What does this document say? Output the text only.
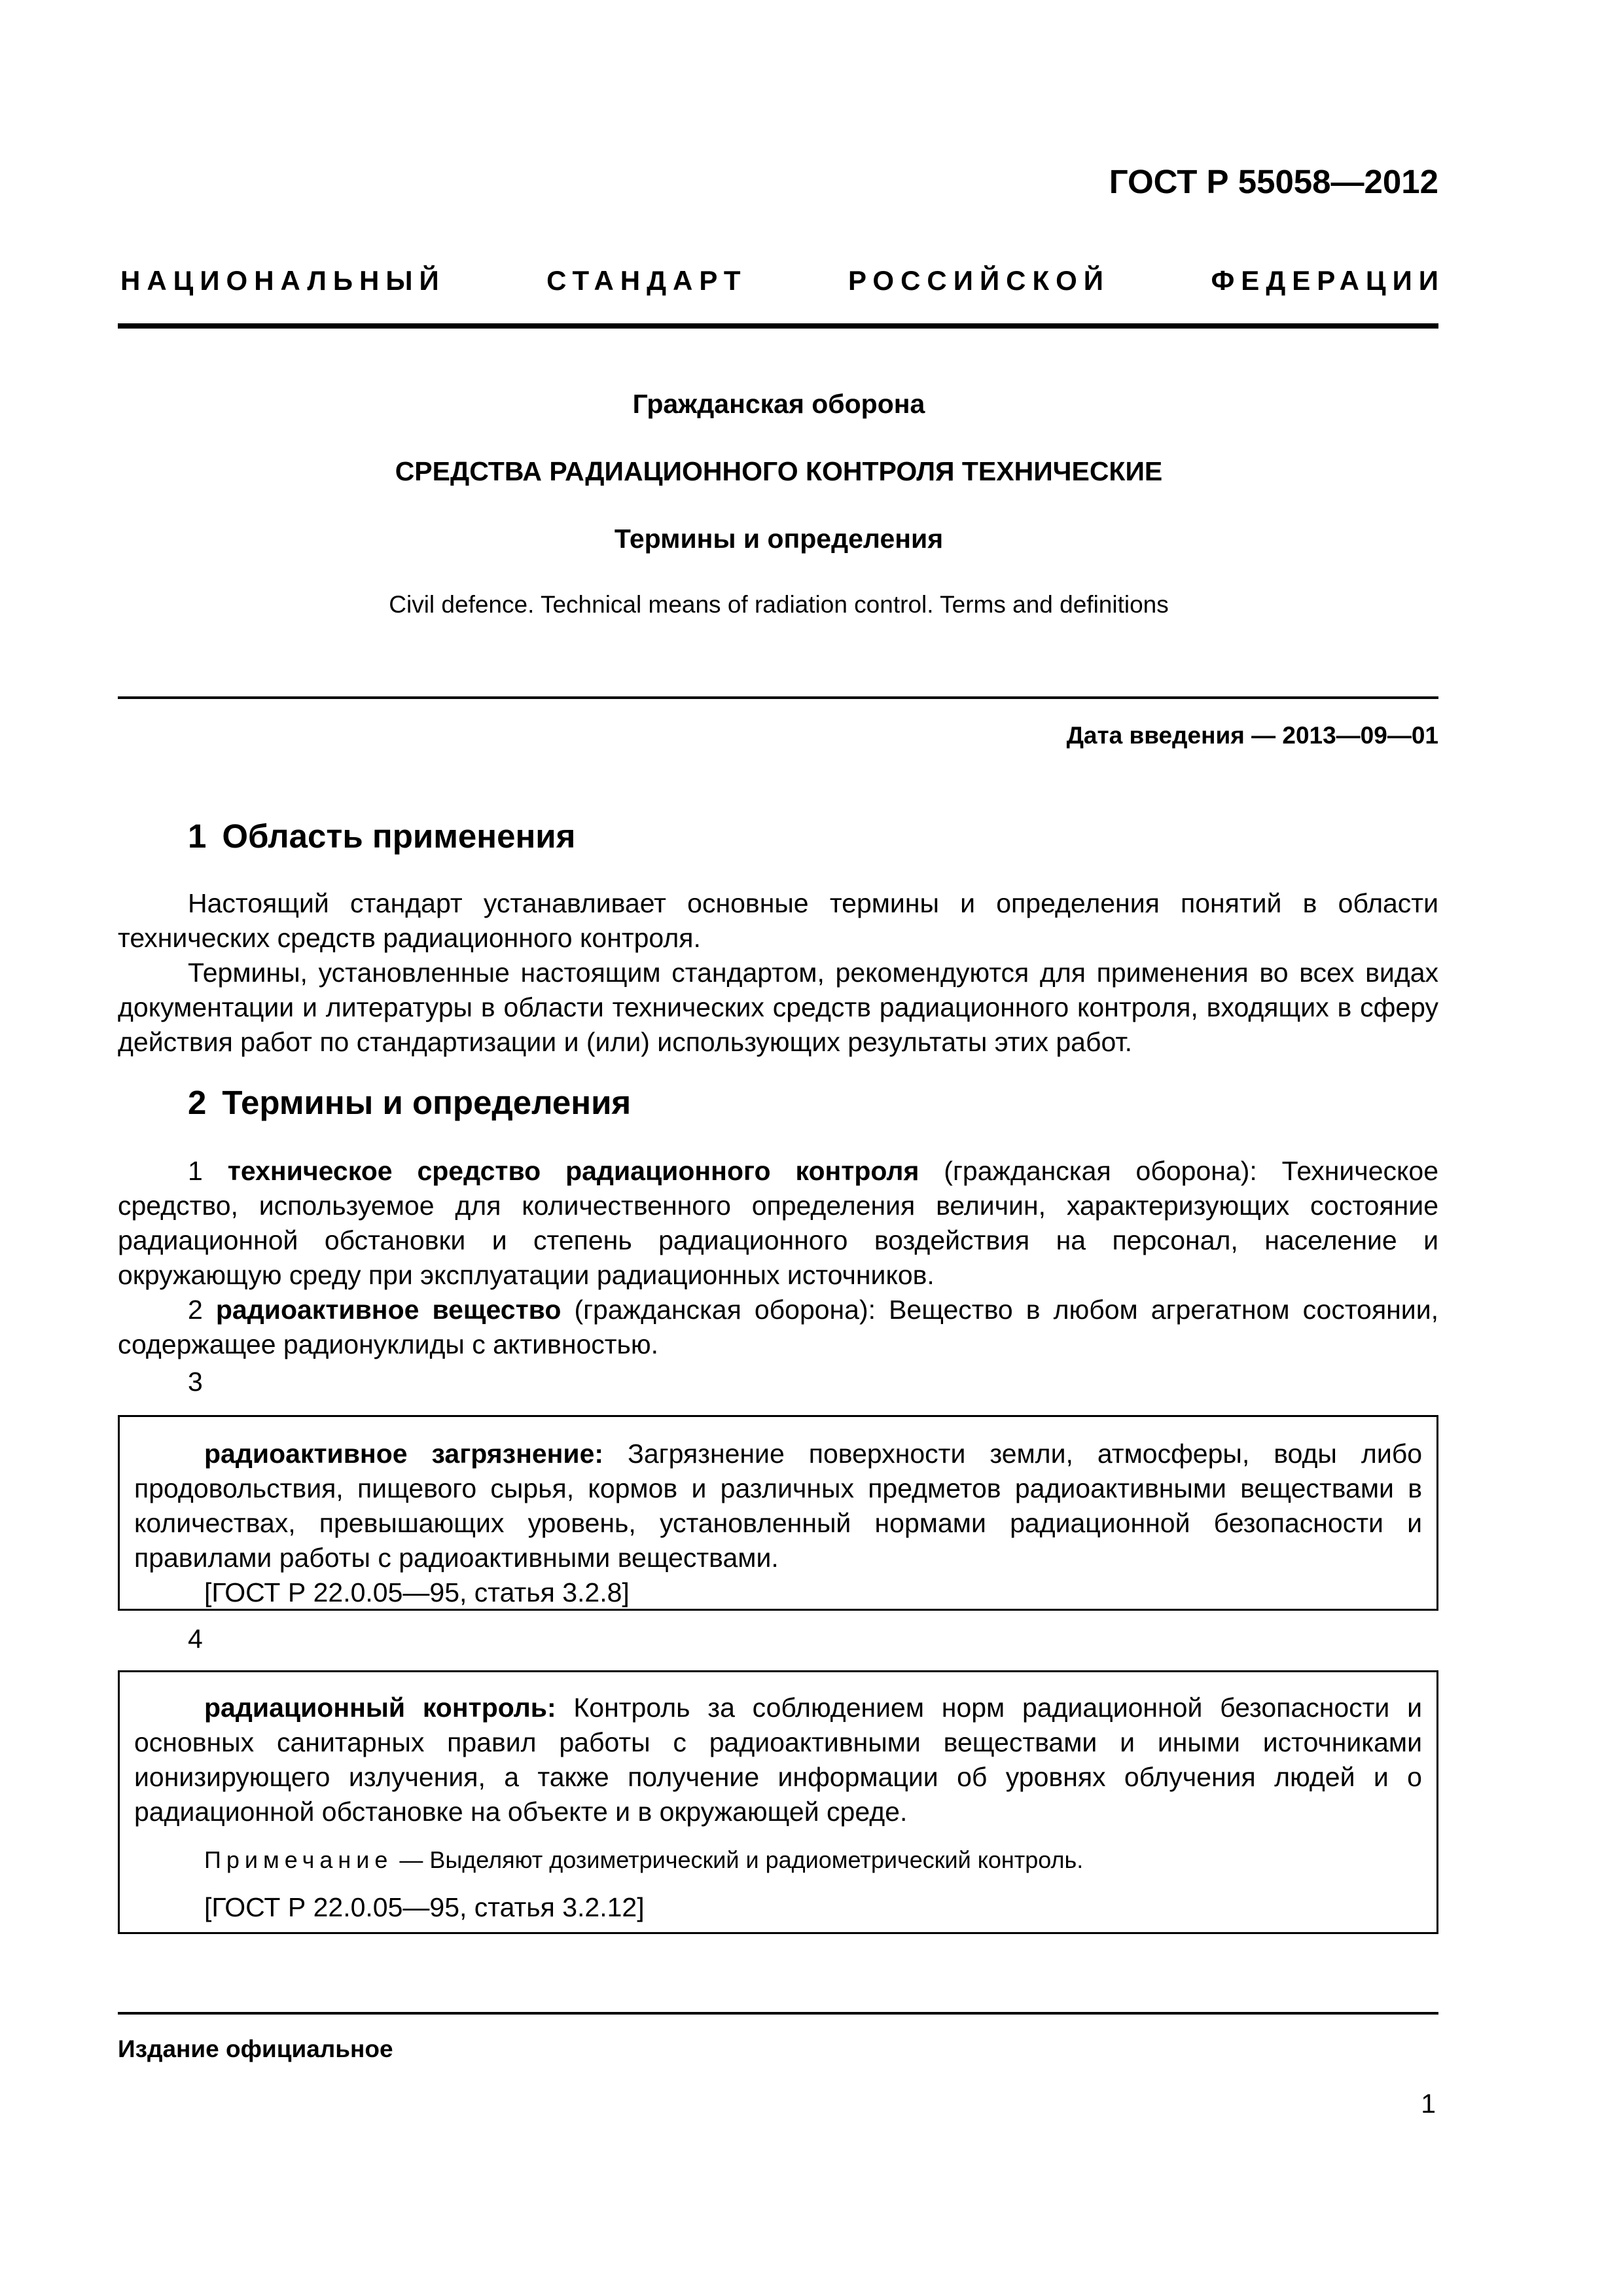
ГОСТ Р 55058—2012
НАЦИОНАЛЬНЫЙ	СТАНДАРТ	РОССИЙСКОЙ	ФЕДЕРАЦИИ
Гражданская оборона
СРЕДСТВА РАДИАЦИОННОГО КОНТРОЛЯ ТЕХНИЧЕСКИЕ
Термины и определения
Civil defence. Technical means of radiation control. Terms and definitions
Дата введения — 2013—09—01
1 Область применения

Настоящий стандарт устанавливает основные термины и определения понятий в области технических средств радиационного контроля.

Термины, установленные настоящим стандартом, рекомендуются для применения во всех видах документации и литературы в области технических средств радиационного контроля, входящих в сферу действия работ по стандартизации и (или) использующих результаты этих работ.

2 Термины и определения

1 техническое средство радиационного контроля (гражданская оборона): Техническое средство, используемое для количественного определения величин, характеризующих состояние радиационной обстановки и степень радиационного воздействия на персонал, население и окружающую среду при эксплуатации радиационных источников.

2 радиоактивное вещество (гражданская оборона): Вещество в любом агрегатном состоянии, содержащее радионуклиды с активностью.

3

радиоактивное загрязнение: Загрязнение поверхности земли, атмосферы, воды либо продовольствия, пищевого сырья, кормов и различных предметов радиоактивными веществами в количествах, превышающих уровень, установленный нормами радиационной безопасности и правилами работы с радиоактивными веществами.

[ГОСТ Р 22.0.05—95, статья 3.2.8]

4

радиационный контроль: Контроль за соблюдением норм радиационной безопасности и основных санитарных правил работы с радиоактивными веществами и иными источниками ионизирующего излучения, а также получение информации об уровнях облучения людей и о радиационной обстановке на объекте и в окружающей среде.

Примечание — Выделяют дозиметрический и радиометрический контроль.

[ГОСТ Р 22.0.05—95, статья 3.2.12]

Издание официальное
1
